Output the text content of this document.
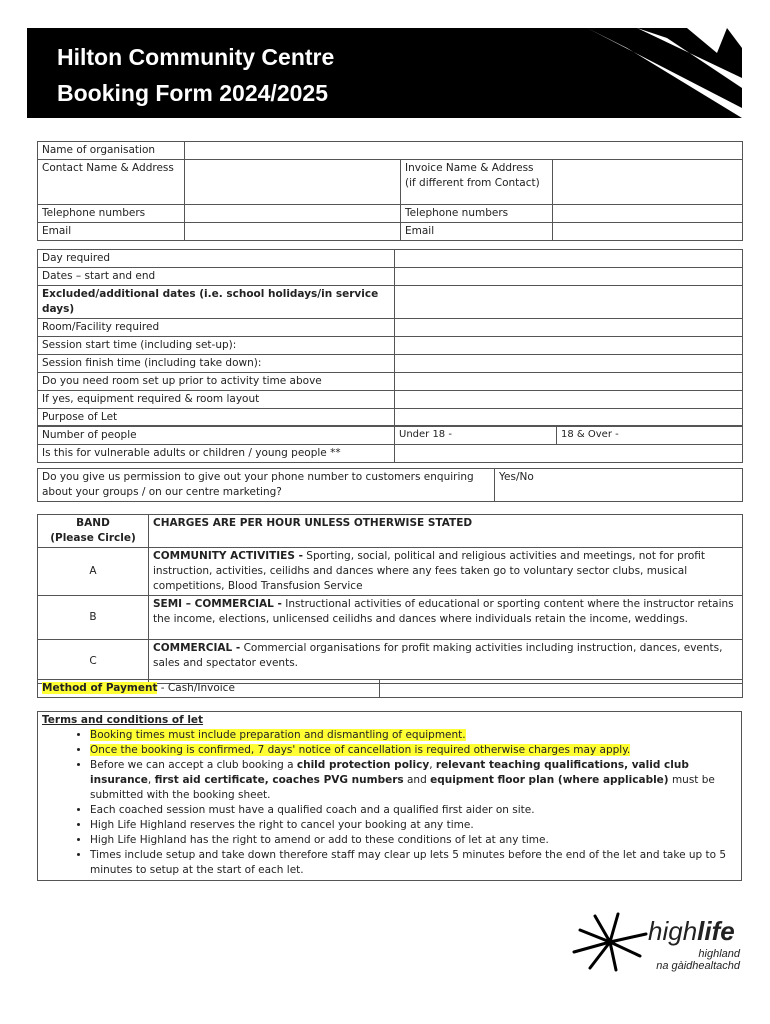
Hilton Community Centre
Booking Form 2024/2025
Name of organisation			
Contact Name & Address		Invoice Name & Address
(if different from Contact)	
Telephone numbers		Telephone numbers	
Email		Email	
Day required	
Dates – start and end	
Excluded/additional dates (i.e. school holidays/in service days)	
Room/Facility required	
Session start time (including set-up):	
Session finish time (including take down):	
Do you need room set up prior to activity time above	
If yes, equipment required & room layout	
Purpose of Let	
Number of people	Under 18 -	18 & Over -
Is this for vulnerable adults or children / young people **		
Do you give us permission to give out your phone number to customers enquiring about your groups / on our centre marketing?	Yes/No
BAND
(Please Circle)	CHARGES ARE PER HOUR UNLESS OTHERWISE STATED
A	COMMUNITY ACTIVITIES - Sporting, social, political and religious activities and meetings, not for profit instruction, activities, ceilidhs and dances where any fees taken go to voluntary sector clubs, musical competitions, Blood Transfusion Service
B	SEMI – COMMERCIAL - Instructional activities of educational or sporting content where the instructor retains the income, elections, unlicensed ceilidhs and dances where individuals retain the income, weddings.
C	COMMERCIAL - Commercial organisations for profit making activities including instruction, dances, events, sales and spectator events.
Method of Payment - Cash/Invoice	
Terms and conditions of let
• Booking times must include preparation and dismantling of equipment.
• Once the booking is confirmed, 7 days' notice of cancellation is required otherwise charges may apply.
• Before we can accept a club booking a child protection policy, relevant teaching qualifications, valid club insurance, first aid certificate, coaches PVG numbers and equipment floor plan (where applicable) must be submitted with the booking sheet.
• Each coached session must have a qualified coach and a qualified first aider on site.
• High Life Highland reserves the right to cancel your booking at any time.
• High Life Highland has the right to amend or add to these conditions of let at any time.
• Times include setup and take down therefore staff may clear up lets 5 minutes before the end of the let and take up to 5 minutes to setup at the start of each let.
highlife
highland
na gàidhealtachd
